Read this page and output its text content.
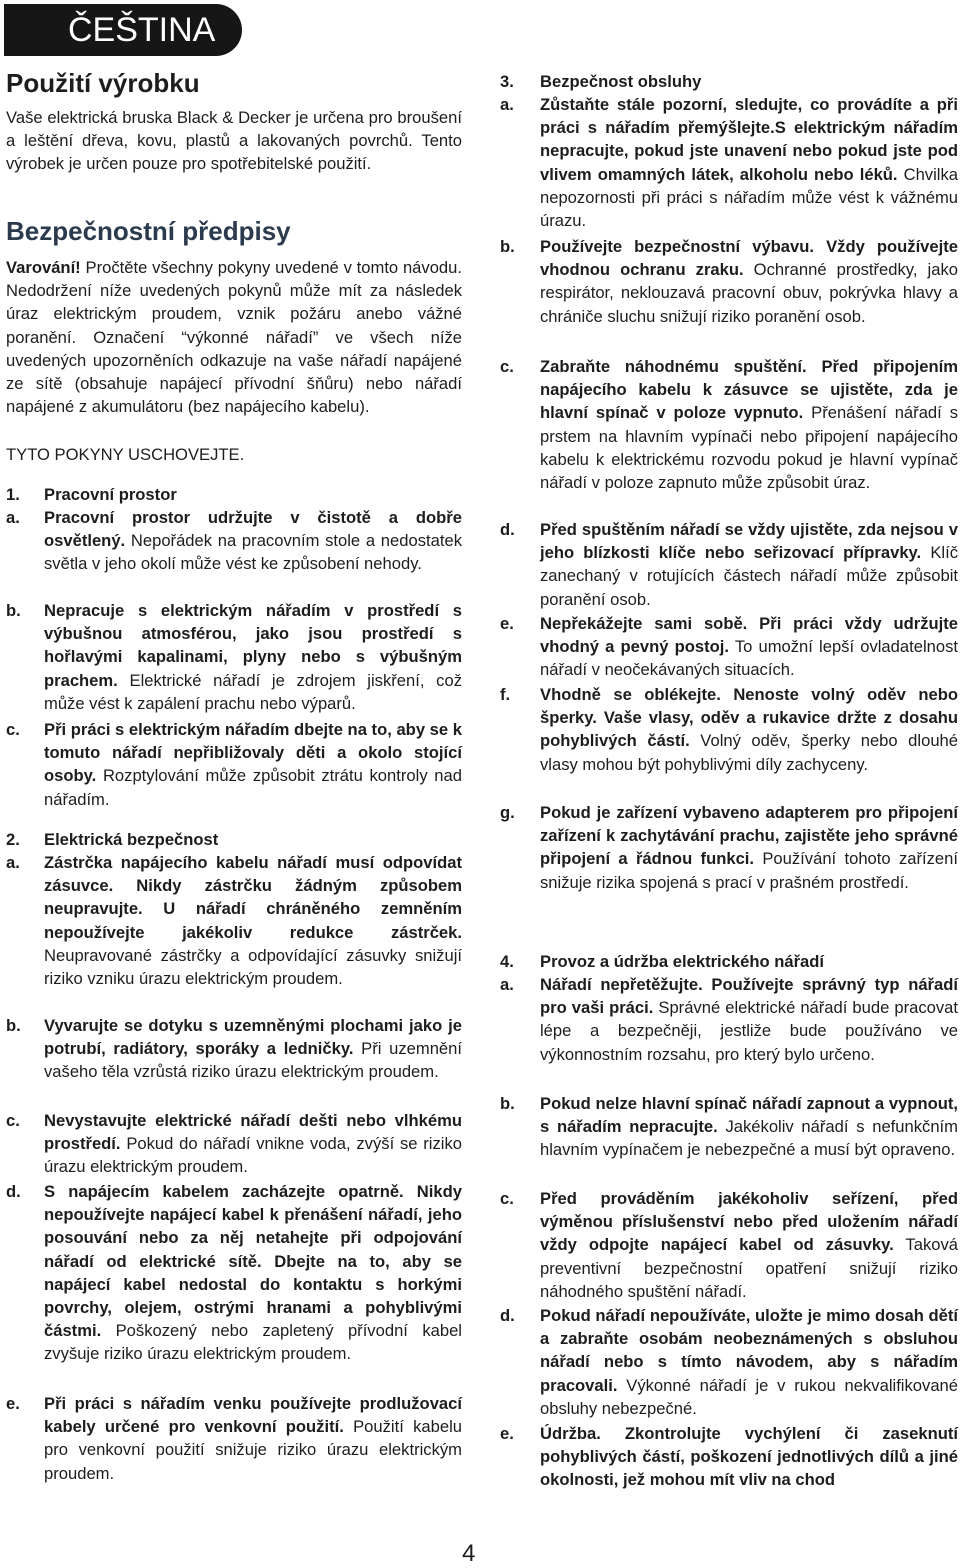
ČEŠTINA
Použití výrobku
Vaše elektrická bruska Black & Decker je určena pro broušení a leštění dřeva, kovu, plastů a lakovaných povrchů. Tento výrobek je určen pouze pro spotřebitelské použití.
Bezpečnostní předpisy
Varování! Pročtěte všechny pokyny uvedené v tomto návodu. Nedodržení níže uvedených pokynů může mít za následek úraz elektrickým proudem, vznik požáru anebo vážné poranění. Označení “výkonné nářadí” ve všech níže uvedených upozorněních odkazuje na vaše nářadí napájené ze sítě (obsahuje napájecí přívodní šňůru) nebo nářadí napájené z akumulátoru (bez napájecího kabelu).
TYTO POKYNY USCHOVEJTE.
1. Pracovní prostor
a. Pracovní prostor udržujte v čistotě a dobře osvětlený. Nepořádek na pracovním stole a nedostatek světla v jeho okolí může vést ke způsobení nehody.
b. Nepracuje s elektrickým nářadím v prostředí s výbušnou atmosférou, jako jsou prostředí s hořlavými kapalinami, plyny nebo s výbušným prachem. Elektrické nářadí je zdrojem jiskření, což může vést k zapálení prachu nebo výparů.
c. Při práci s elektrickým nářadím dbejte na to, aby se k tomuto nářadí nepřibližovaly děti a okolo stojící osoby. Rozptylování může způsobit ztrátu kontroly nad nářadím.
2. Elektrická bezpečnost
a. Zástrčka napájecího kabelu nářadí musí odpovídat zásuvce. Nikdy zástrčku žádným způsobem neupravujte. U nářadí chráněného zemněním nepoužívejte jakékoliv redukce zástrček. Neupravované zástrčky a odpovídající zásuvky snižují riziko vzniku úrazu elektrickým proudem.
b. Vyvarujte se dotyku s uzemněnými plochami jako je potrubí, radiátory, sporáky a ledničky. Při uzemnění vašeho těla vzrůstá riziko úrazu elektrickým proudem.
c. Nevystavujte elektrické nářadí dešti nebo vlhkému prostředí. Pokud do nářadí vnikne voda, zvýší se riziko úrazu elektrickým proudem.
d. S napájecím kabelem zacházejte opatrně. Nikdy nepoužívejte napájecí kabel k přenášení nářadí, jeho posouvání nebo za něj netahejte při odpojování nářadí od elektrické sítě. Dbejte na to, aby se napájecí kabel nedostal do kontaktu s horkými povrchy, olejem, ostrými hranami a pohyblivými částmi. Poškozený nebo zapletený přívodní kabel zvyšuje riziko úrazu elektrickým proudem.
e. Při práci s nářadím venku používejte prodlužovací kabely určené pro venkovní použití. Použití kabelu pro venkovní použití snižuje riziko úrazu elektrickým proudem.
3. Bezpečnost obsluhy
a. Zůstaňte stále pozorní, sledujte, co provádíte a při práci s nářadím přemýšlejte.S elektrickým nářadím nepracujte, pokud jste unavení nebo pokud jste pod vlivem omamných látek, alkoholu nebo léků. Chvilka nepozornosti při práci s nářadím může vést k vážnému úrazu.
b. Používejte bezpečnostní výbavu. Vždy používejte vhodnou ochranu zraku. Ochranné prostředky, jako respirátor, neklouzavá pracovní obuv, pokrývka hlavy a chrániče sluchu snižují riziko poranění osob.
c. Zabraňte náhodnému spuštění. Před připojením napájecího kabelu k zásuvce se ujistěte, zda je hlavní spínač v poloze vypnuto. Přenášení nářadí s prstem na hlavním vypínači nebo připojení napájecího kabelu k elektrickému rozvodu pokud je hlavní vypínač nářadí v poloze zapnuto může způsobit úraz.
d. Před spuštěním nářadí se vždy ujistěte, zda nejsou v jeho blízkosti klíče nebo seřizovací přípravky. Klíč zanechaný v rotujících částech nářadí může způsobit poranění osob.
e. Nepřekážejte sami sobě. Při práci vždy udržujte vhodný a pevný postoj. To umožní lepší ovladatelnost nářadí v neočekávaných situacích.
f. Vhodně se oblékejte. Nenoste volný oděv nebo šperky. Vaše vlasy, oděv a rukavice držte z dosahu pohyblivých částí. Volný oděv, šperky nebo dlouhé vlasy mohou být pohyblivými díly zachyceny.
g. Pokud je zařízení vybaveno adapterem pro připojení zařízení k zachytávání prachu, zajistěte jeho správné připojení a řádnou funkci. Používání tohoto zařízení snižuje rizika spojená s prací v prašném prostředí.
4. Provoz a údržba elektrického nářadí
a. Nářadí nepřetěžujte. Používejte správný typ nářadí pro vaši práci. Správné elektrické nářadí bude pracovat lépe a bezpečněji, jestliže bude používáno ve výkonnostním rozsahu, pro který bylo určeno.
b. Pokud nelze hlavní spínač nářadí zapnout a vypnout, s nářadím nepracujte. Jakékoliv nářadí s nefunkčním hlavním vypínačem je nebezpečné a musí být opraveno.
c. Před prováděním jakékoholiv seřízení, před výměnou příslušenství nebo před uložením nářadí vždy odpojte napájecí kabel od zásuvky. Taková preventivní bezpečnostní opatření snižují riziko náhodného spuštění nářadí.
d. Pokud nářadí nepoužíváte, uložte je mimo dosah dětí a zabraňte osobám neobeznámených s obsluhou nářadí nebo s tímto návodem, aby s nářadím pracovali. Výkonné nářadí je v rukou nekvalifikované obsluhy nebezpečné.
e. Údržba. Zkontrolujte vychýlení či zaseknutí pohyblivých částí, poškození jednotlivých dílů a jiné okolnosti, jež mohou mít vliv na chod
4
